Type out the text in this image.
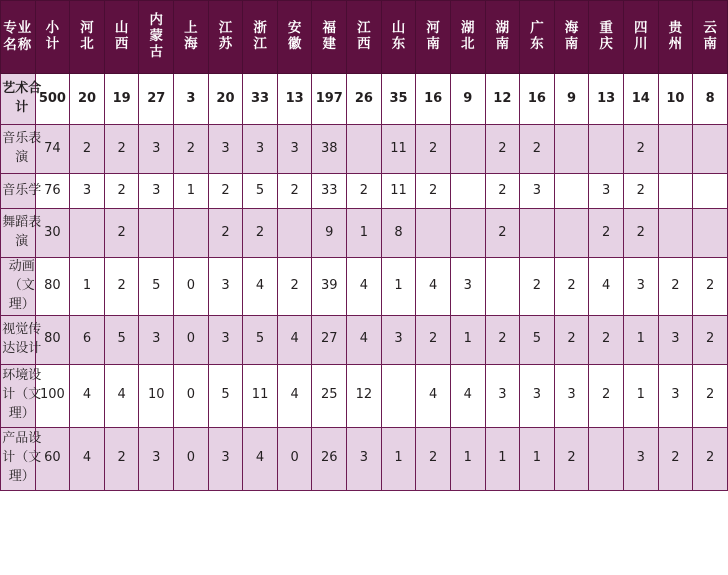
专业名称	小计	河北	山西	内蒙古	上海	江苏	浙江	安徽	福建	江西	山东	河南	湖北	湖南	广东	海南	重庆	四川	贵州	云南

艺术合计	500	20	19	27	3	20	33	13	197	26	35	16	9	12	16	9	13	14	10	8

音乐表演	74	2	2	3	2	3	3	3	38		11	2		2	2			2		

音乐学	76	3	2	3	1	2	5	2	33	2	11	2		2	3		3	2		

舞蹈表演	30		2			2	2		9	1	8			2			2	2		

动画（文理）	80	1	2	5	0	3	4	2	39	4	1	4	3		2	2	4	3	2	2

视觉传达设计	80	6	5	3	0	3	5	4	27	4	3	2	1	2	5	2	2	1	3	2

环境设计（文理）	100	4	4	10	0	5	11	4	25	12		4	4	3	3	3	2	1	3	2

产品设计（文理）	60	4	2	3	0	3	4	0	26	3	1	2	1	1	1	2		3	2	2
